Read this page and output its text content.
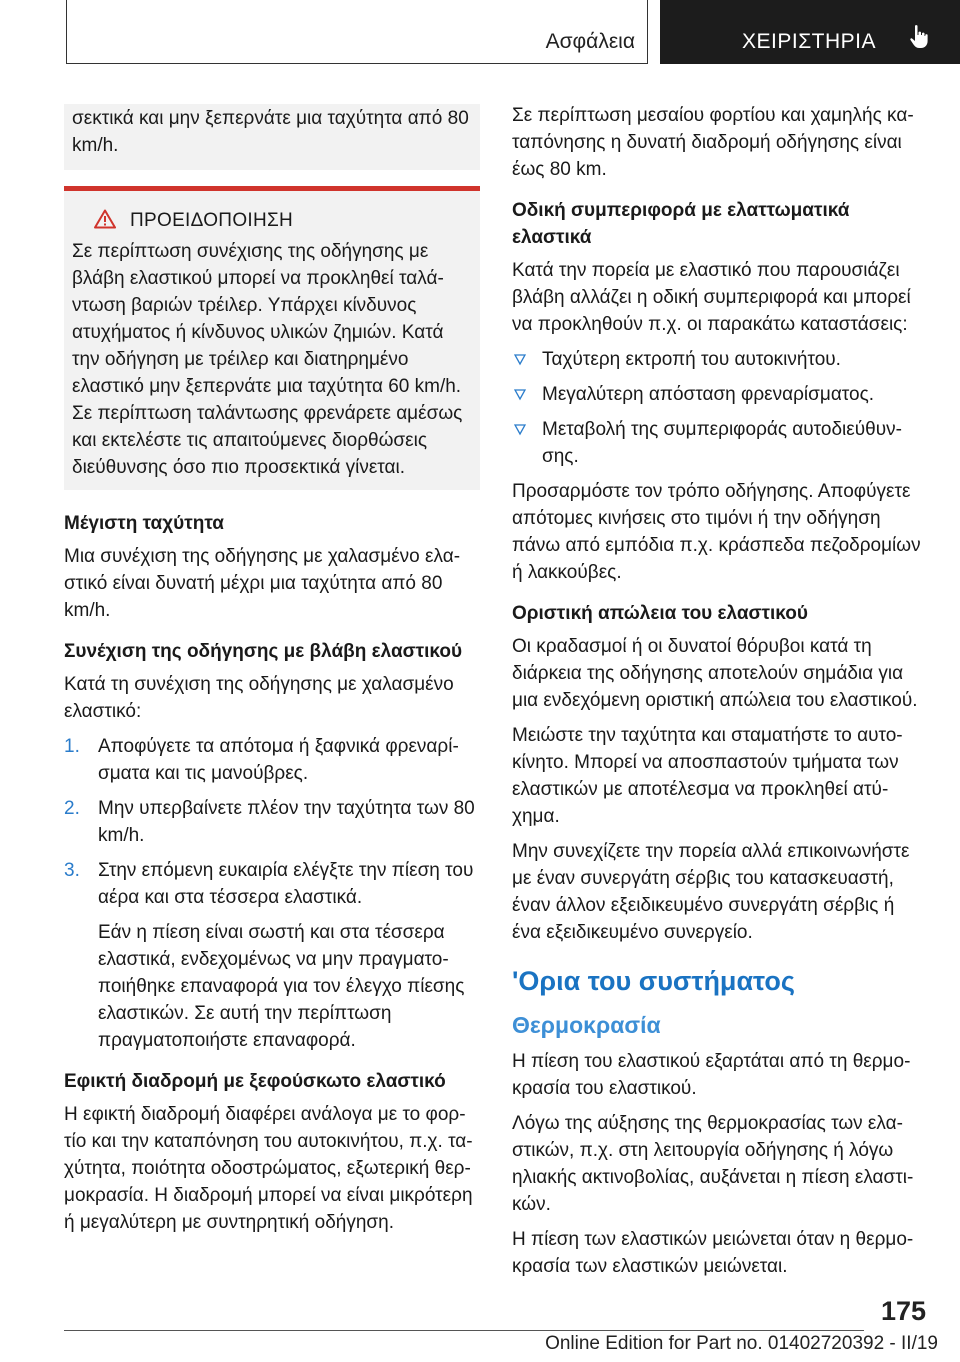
Ασφάλεια	ΧΕΙΡΙΣΤΗΡΙΑ

σεκτικά και μην ξεπερνάτε μια ταχύτητα από 80 km/h.

ΠΡΟΕΙΔΟΠΟΙΗΣΗ

Σε περίπτωση συνέχισης της οδήγησης με βλάβη ελαστικού μπορεί να προκληθεί ταλάντωση βαριών τρέιλερ. Υπάρχει κίνδυνος ατυχήματος ή κίνδυνος υλικών ζημιών. Κατά την οδήγηση με τρέιλερ και διατηρημένο ελαστικό μην ξεπερνάτε μια ταχύτητα 60 km/h. Σε περίπτωση ταλάντωσης φρενάρετε αμέσως και εκτελέστε τις απαιτούμενες διορθώσεις διεύθυνσης όσο πιο προσεκτικά γίνεται.

Μέγιστη ταχύτητα

Μια συνέχιση της οδήγησης με χαλασμένο ελαστικό είναι δυνατή μέχρι μια ταχύτητα από 80 km/h.

Συνέχιση της οδήγησης με βλάβη ελαστικού

Κατά τη συνέχιση της οδήγησης με χαλασμένο ελαστικό:

1. Αποφύγετε τα απότομα ή ξαφνικά φρεναρίσματα και τις μανούβρες.
2. Μην υπερβαίνετε πλέον την ταχύτητα των 80 km/h.
3. Στην επόμενη ευκαιρία ελέγξτε την πίεση του αέρα και στα τέσσερα ελαστικά.
Εάν η πίεση είναι σωστή και στα τέσσερα ελαστικά, ενδεχομένως να μην πραγματοποιήθηκε επαναφορά για τον έλεγχο πίεσης ελαστικών. Σε αυτή την περίπτωση πραγματοποιήστε επαναφορά.
Εφικτή διαδρομή με ξεφούσκωτο ελαστικό

Η εφικτή διαδρομή διαφέρει ανάλογα με το φορτίο και την καταπόνηση του αυτοκινήτου, π.χ. ταχύτητα, ποιότητα οδοστρώματος, εξωτερική θερμοκρασία. Η διαδρομή μπορεί να είναι μικρότερη ή μεγαλύτερη με συντηρητική οδήγηση.

Σε περίπτωση μεσαίου φορτίου και χαμηλής καταπόνησης η δυνατή διαδρομή οδήγησης είναι έως 80 km.

Οδική συμπεριφορά με ελαττωματικά ελαστικά

Κατά την πορεία με ελαστικό που παρουσιάζει βλάβη αλλάζει η οδική συμπεριφορά και μπορεί να προκληθούν π.χ. οι παρακάτω καταστάσεις:

Ταχύτερη εκτροπή του αυτοκινήτου.
Μεγαλύτερη απόσταση φρεναρίσματος.
Μεταβολή της συμπεριφοράς αυτοδιεύθυνσης.

Προσαρμόστε τον τρόπο οδήγησης. Αποφύγετε απότομες κινήσεις στο τιμόνι ή την οδήγηση πάνω από εμπόδια π.χ. κράσπεδα πεζοδρομίων ή λακκούβες.

Οριστική απώλεια του ελαστικού

Οι κραδασμοί ή οι δυνατοί θόρυβοι κατά τη διάρκεια της οδήγησης αποτελούν σημάδια για μια ενδεχόμενη οριστική απώλεια του ελαστικού.

Μειώστε την ταχύτητα και σταματήστε το αυτοκίνητο. Μπορεί να αποσπαστούν τμήματα των ελαστικών με αποτέλεσμα να προκληθεί ατύχημα.

Μην συνεχίζετε την πορεία αλλά επικοινωνήστε με έναν συνεργάτη σέρβις του κατασκευαστή, έναν άλλον εξειδικευμένο συνεργάτη σέρβις ή ένα εξειδικευμένο συνεργείο.

'Ορια του συστήματος
Θερμοκρασία

Η πίεση του ελαστικού εξαρτάται από τη θερμοκρασία του ελαστικού.

Λόγω της αύξησης της θερμοκρασίας των ελαστικών, π.χ. στη λειτουργία οδήγησης ή λόγω ηλιακής ακτινοβολίας, αυξάνεται η πίεση ελαστικών.

Η πίεση των ελαστικών μειώνεται όταν η θερμοκρασία των ελαστικών μειώνεται.

175
Online Edition for Part no. 01402720392 - II/19
